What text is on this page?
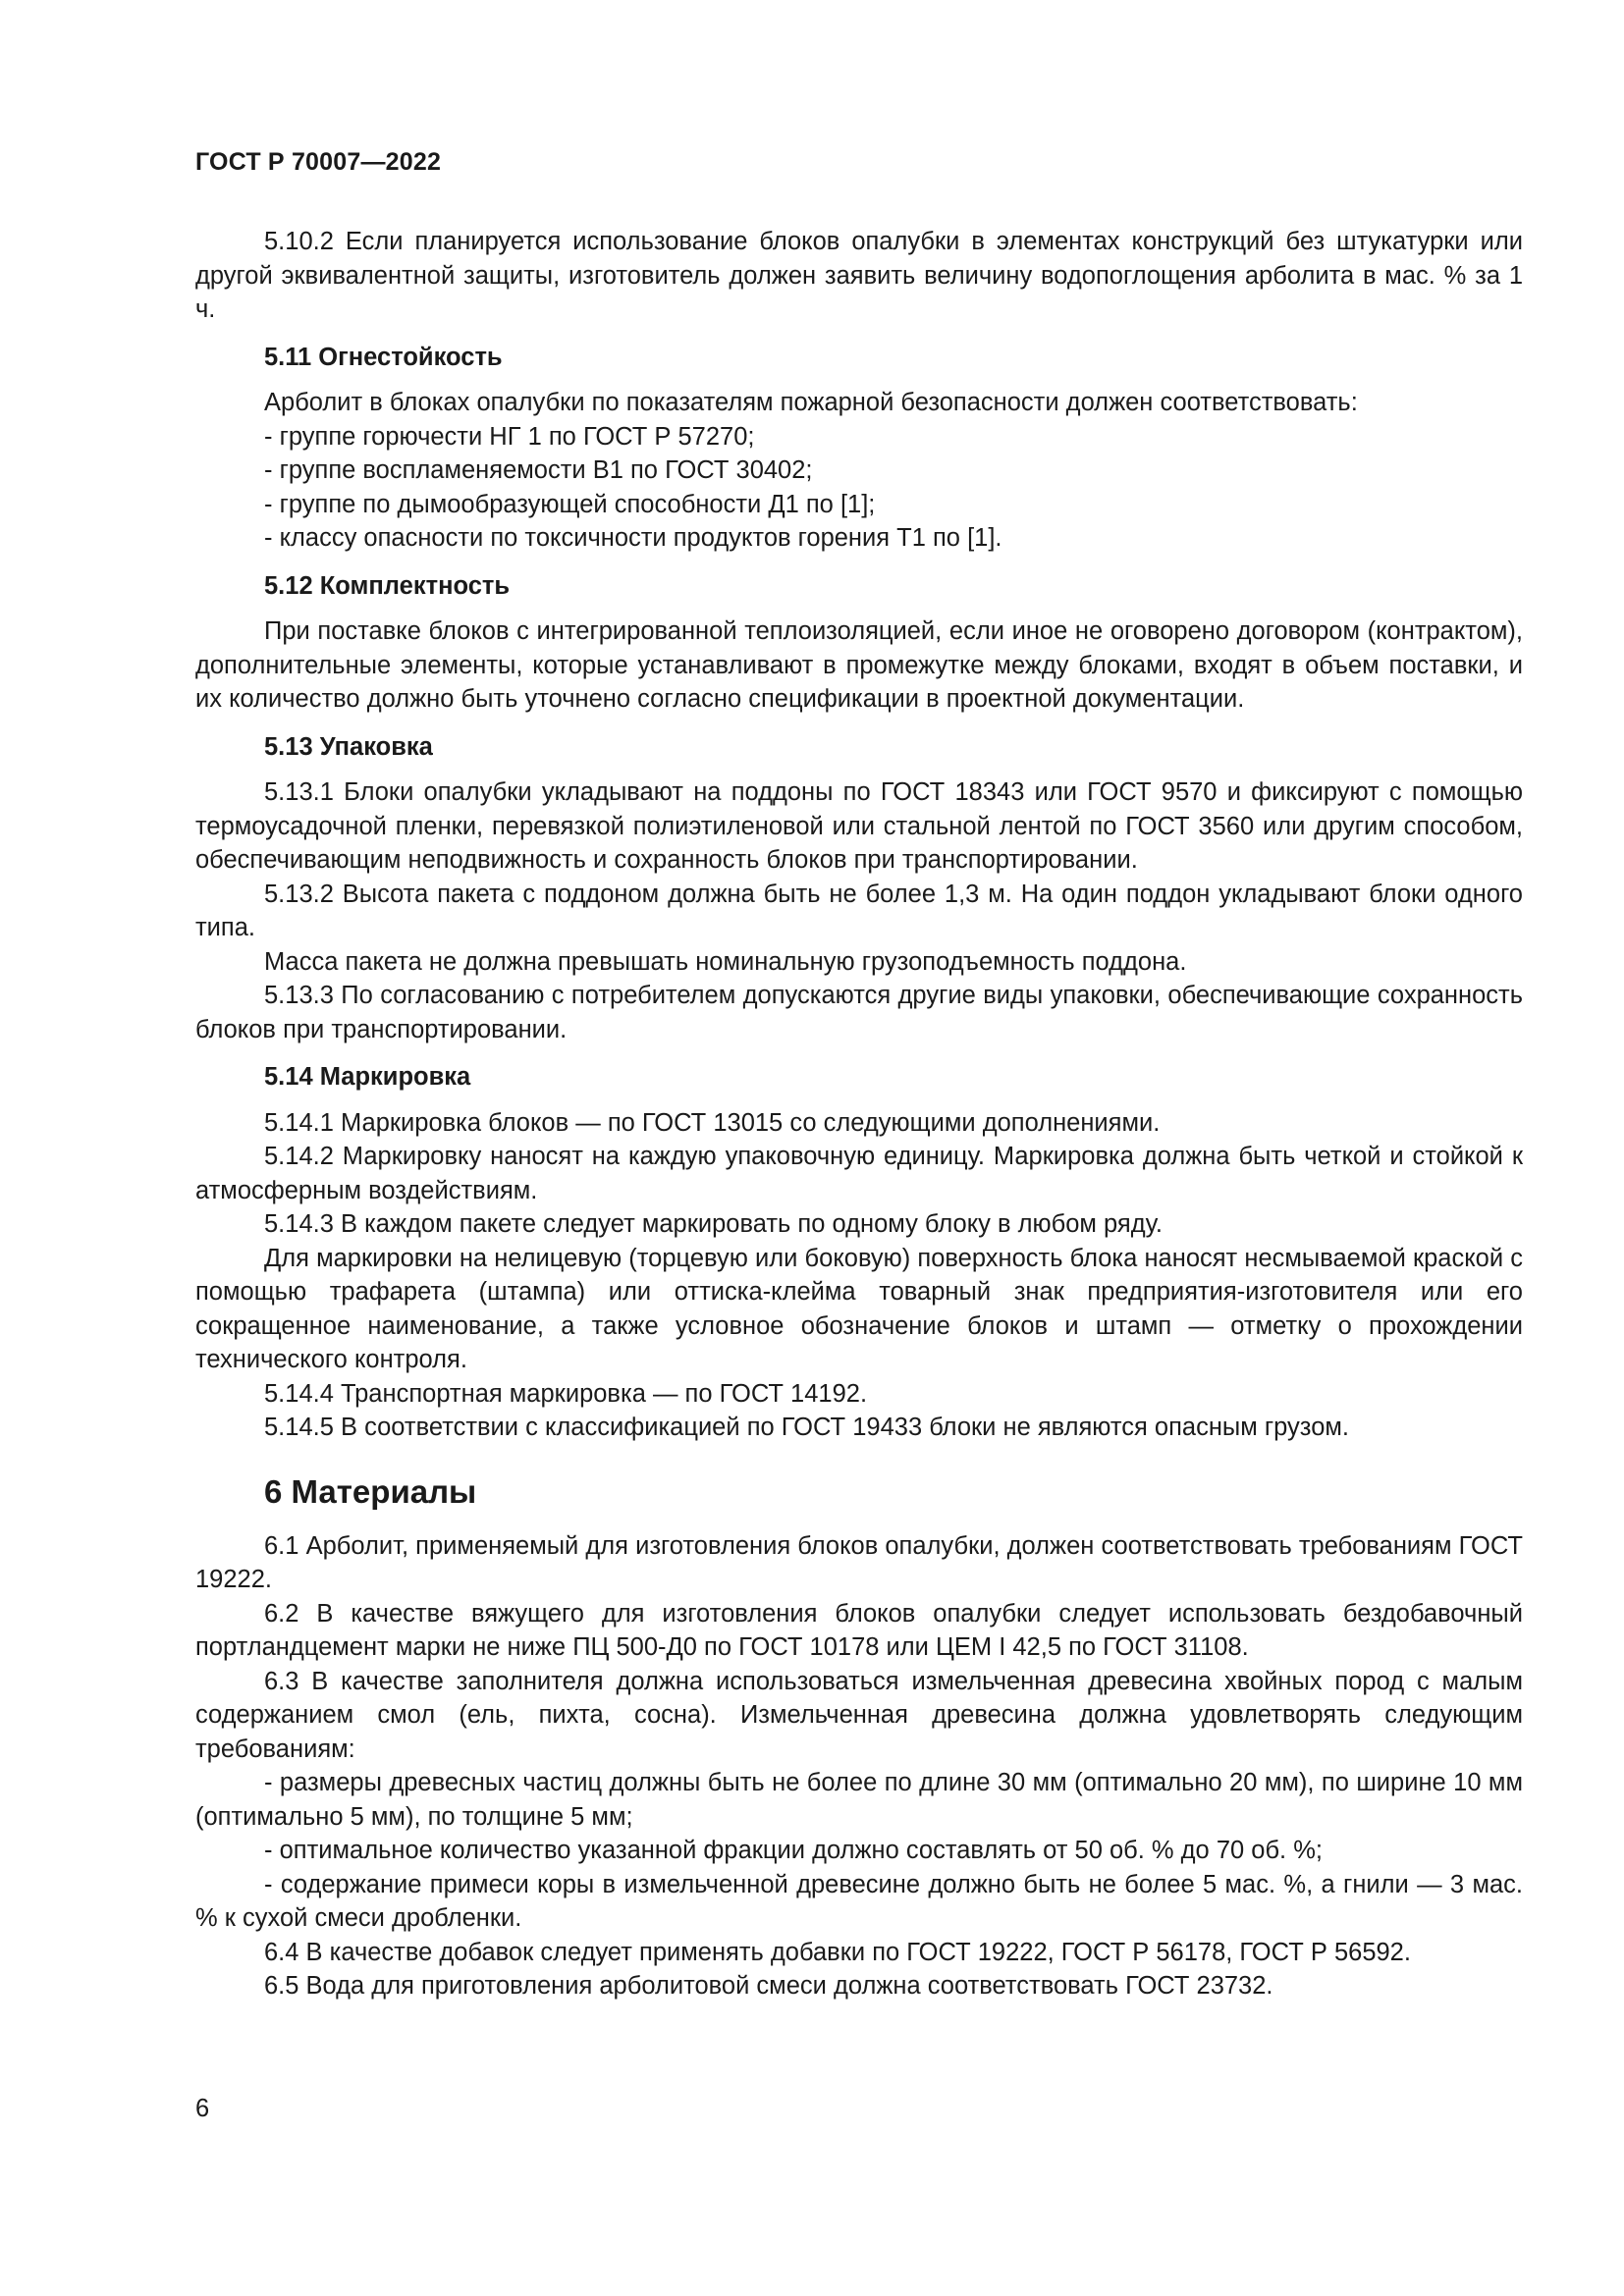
ГОСТ Р 70007—2022

5.10.2 Если планируется использование блоков опалубки в элементах конструкций без штукатурки или другой эквивалентной защиты, изготовитель должен заявить величину водопоглощения арболита в мас. % за 1 ч.

5.11 Огнестойкость

Арболит в блоках опалубки по показателям пожарной безопасности должен соответствовать:

- группе горючести НГ 1 по ГОСТ Р 57270;

- группе воспламеняемости В1 по ГОСТ 30402;

- группе по дымообразующей способности Д1 по [1];

- классу опасности по токсичности продуктов горения Т1 по [1].

5.12 Комплектность

При поставке блоков с интегрированной теплоизоляцией, если иное не оговорено договором (контрактом), дополнительные элементы, которые устанавливают в промежутке между блоками, входят в объем поставки, и их количество должно быть уточнено согласно спецификации в проектной документации.

5.13 Упаковка

5.13.1 Блоки опалубки укладывают на поддоны по ГОСТ 18343 или ГОСТ 9570 и фиксируют с помощью термоусадочной пленки, перевязкой полиэтиленовой или стальной лентой по ГОСТ 3560 или другим способом, обеспечивающим неподвижность и сохранность блоков при транспортировании.

5.13.2 Высота пакета с поддоном должна быть не более 1,3 м. На один поддон укладывают блоки одного типа.

Масса пакета не должна превышать номинальную грузоподъемность поддона.

5.13.3 По согласованию с потребителем допускаются другие виды упаковки, обеспечивающие сохранность блоков при транспортировании.

5.14 Маркировка

5.14.1 Маркировка блоков — по ГОСТ 13015 со следующими дополнениями.

5.14.2 Маркировку наносят на каждую упаковочную единицу. Маркировка должна быть четкой и стойкой к атмосферным воздействиям.

5.14.3 В каждом пакете следует маркировать по одному блоку в любом ряду.

Для маркировки на нелицевую (торцевую или боковую) поверхность блока наносят несмываемой краской с помощью трафарета (штампа) или оттиска-клейма товарный знак предприятия-изготовителя или его сокращенное наименование, а также условное обозначение блоков и штамп — отметку о прохождении технического контроля.

5.14.4 Транспортная маркировка — по ГОСТ 14192.

5.14.5 В соответствии с классификацией по ГОСТ 19433 блоки не являются опасным грузом.

6 Материалы

6.1 Арболит, применяемый для изготовления блоков опалубки, должен соответствовать требованиям ГОСТ 19222.

6.2 В качестве вяжущего для изготовления блоков опалубки следует использовать бездобавочный портландцемент марки не ниже ПЦ 500-Д0 по ГОСТ 10178 или ЦЕМ I 42,5 по ГОСТ 31108.

6.3 В качестве заполнителя должна использоваться измельченная древесина хвойных пород с малым содержанием смол (ель, пихта, сосна). Измельченная древесина должна удовлетворять следующим требованиям:

- размеры древесных частиц должны быть не более по длине 30 мм (оптимально 20 мм), по ширине 10 мм (оптимально 5 мм), по толщине 5 мм;

- оптимальное количество указанной фракции должно составлять от 50 об. % до 70 об. %;

- содержание примеси коры в измельченной древесине должно быть не более 5 мас. %, а гнили — 3 мас. % к сухой смеси дробленки.

6.4 В качестве добавок следует применять добавки по ГОСТ 19222, ГОСТ Р 56178, ГОСТ Р 56592.

6.5 Вода для приготовления арболитовой смеси должна соответствовать ГОСТ 23732.

6
